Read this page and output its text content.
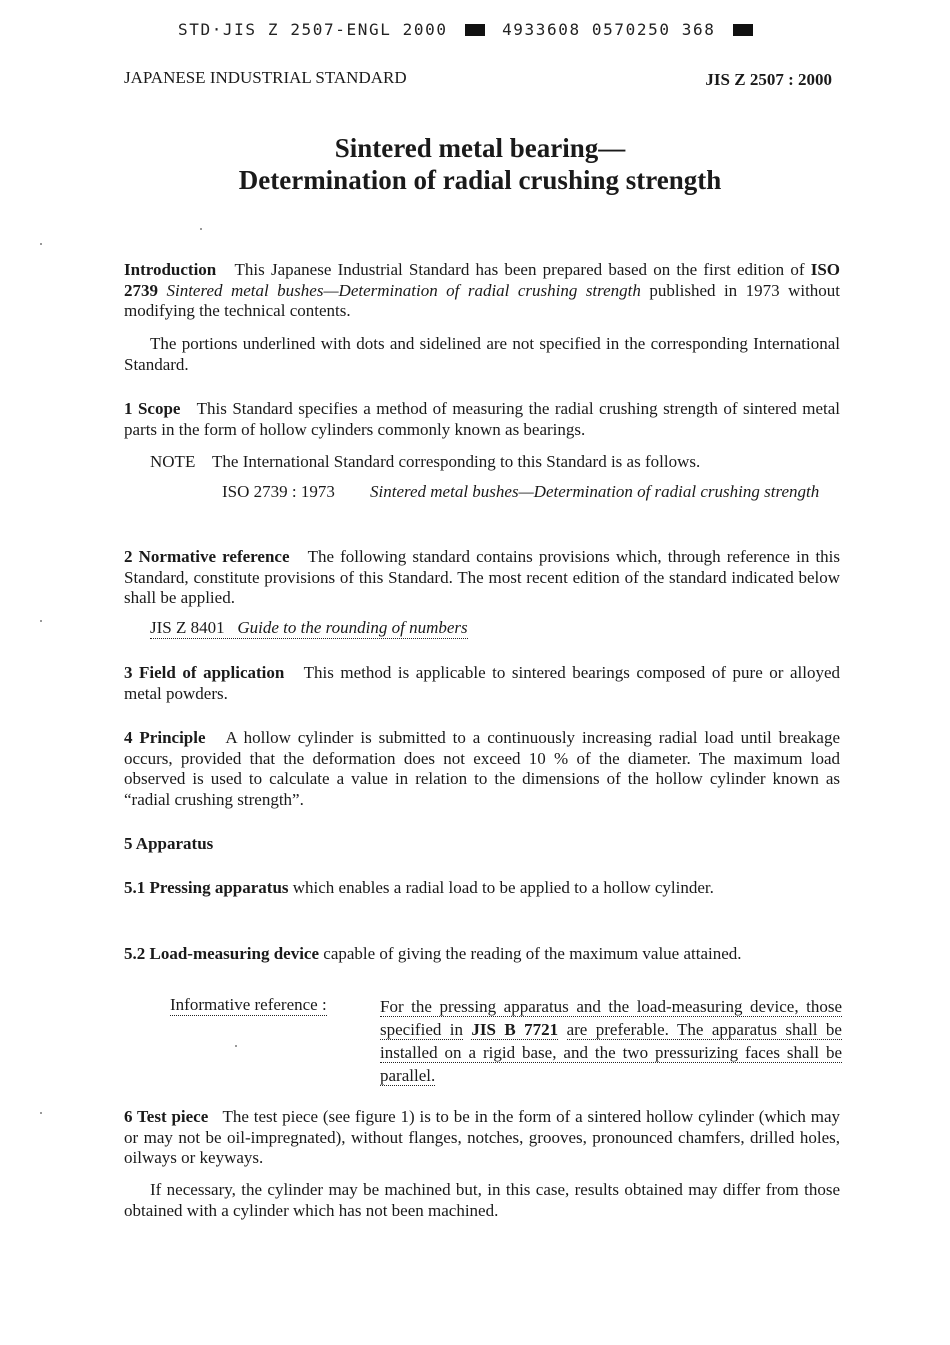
STD·JIS Z 2507-ENGL 2000	4933608 0570250 368
JAPANESE INDUSTRIAL STANDARD	JIS Z 2507 : 2000
Sintered metal bearing—
Determination of radial crushing strength
Introduction This Japanese Industrial Standard has been prepared based on the first edition of ISO 2739 Sintered metal bushes—Determination of radial crushing strength published in 1973 without modifying the technical contents.
The portions underlined with dots and sidelined are not specified in the corresponding International Standard.
1 Scope This Standard specifies a method of measuring the radial crushing strength of sintered metal parts in the form of hollow cylinders commonly known as bearings.
NOTE The International Standard corresponding to this Standard is as follows.
ISO 2739 : 1973 Sintered metal bushes—Determination of radial crushing strength
2 Normative reference The following standard contains provisions which, through reference in this Standard, constitute provisions of this Standard. The most recent edition of the standard indicated below shall be applied.
JIS Z 8401 Guide to the rounding of numbers
3 Field of application This method is applicable to sintered bearings composed of pure or alloyed metal powders.
4 Principle A hollow cylinder is submitted to a continuously increasing radial load until breakage occurs, provided that the deformation does not exceed 10 % of the diameter. The maximum load observed is used to calculate a value in relation to the dimensions of the hollow cylinder known as “radial crushing strength”.
5 Apparatus
5.1 Pressing apparatus which enables a radial load to be applied to a hollow cylinder.
5.2 Load-measuring device capable of giving the reading of the maximum value attained.
Informative reference :	For the pressing apparatus and the load-measuring device, those specified in JIS B 7721 are preferable. The apparatus shall be installed on a rigid base, and the two pressurizing faces shall be parallel.
6 Test piece The test piece (see figure 1) is to be in the form of a sintered hollow cylinder (which may or may not be oil-impregnated), without flanges, notches, grooves, pronounced chamfers, drilled holes, oilways or keyways.
If necessary, the cylinder may be machined but, in this case, results obtained may differ from those obtained with a cylinder which has not been machined.
